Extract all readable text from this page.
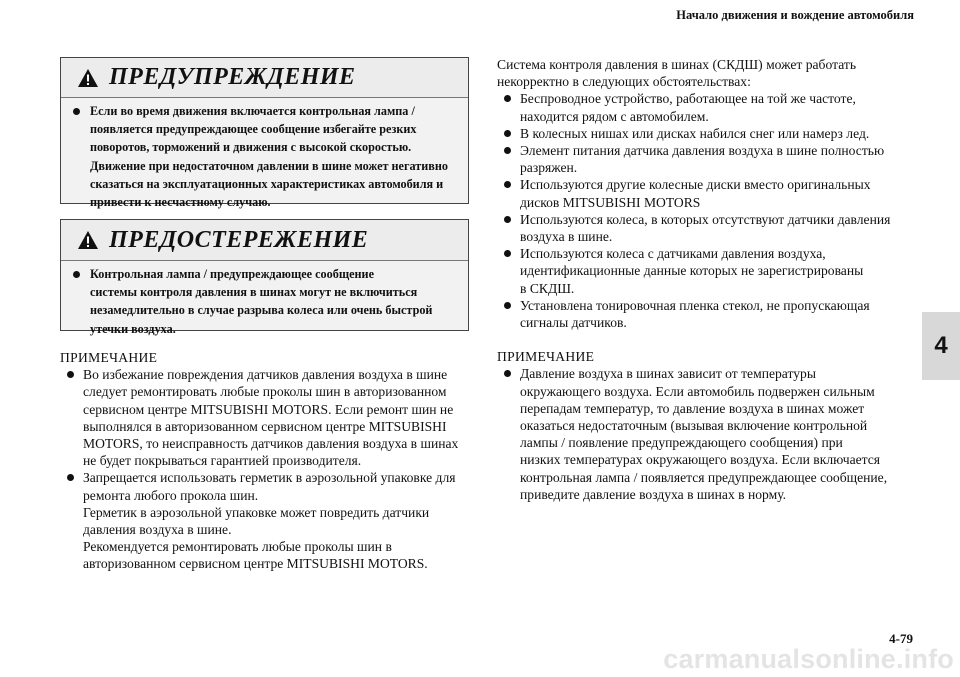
Начало движения и вождение автомобиля
ПРЕДУПРЕЖДЕНИЕ
Если во время движения включается контрольная лампа /
появляется предупреждающее сообщение избегайте резких
поворотов, торможений и движения с высокой скоростью.
Движение при недостаточном давлении в шине может негативно
сказаться на эксплуатационных характеристиках автомобиля и
привести к несчастному случаю.
ПРЕДОСТЕРЕЖЕНИЕ
Контрольная лампа / предупреждающее сообщение
системы контроля давления в шинах могут не включиться
незамедлительно в случае разрыва колеса или очень быстрой
утечки воздуха.
ПРИМЕЧАНИЕ
Во избежание повреждения датчиков давления воздуха в шине
следует ремонтировать любые проколы шин в авторизованном
сервисном центре MITSUBISHI MOTORS. Если ремонт шин не
выполнялся в авторизованном сервисном центре MITSUBISHI
MOTORS, то неисправность датчиков давления воздуха в шинах
не будет покрываться гарантией производителя.
Запрещается использовать герметик в аэрозольной упаковке для
ремонта любого прокола шин.
Герметик в аэрозольной упаковке может повредить датчики
давления воздуха в шине.
Рекомендуется ремонтировать любые проколы шин в
авторизованном сервисном центре MITSUBISHI MOTORS.
Система контроля давления в шинах (СКДШ) может работать
некорректно в следующих обстоятельствах:
Беспроводное устройство, работающее на той же частоте,
находится рядом с автомобилем.
В колесных нишах или дисках набился снег или намерз лед.
Элемент питания датчика давления воздуха в шине полностью
разряжен.
Используются другие колесные диски вместо оригинальных
дисков MITSUBISHI MOTORS
Используются колеса, в которых отсутствуют датчики давления
воздуха в шине.
Используются колеса с датчиками давления воздуха,
идентификационные данные которых не зарегистрированы
в СКДШ.
Установлена тонировочная пленка стекол, не пропускающая
сигналы датчиков.
ПРИМЕЧАНИЕ
Давление воздуха в шинах зависит от температуры
окружающего воздуха. Если автомобиль подвержен сильным
перепадам температур, то давление воздуха в шинах может
оказаться недостаточным (вызывая включение контрольной
лампы / появление предупреждающего сообщения) при
низких температурах окружающего воздуха. Если включается
контрольная лампа / появляется предупреждающее сообщение,
приведите давление воздуха в шинах в норму.
4
4-79
carmanualsonline.info
